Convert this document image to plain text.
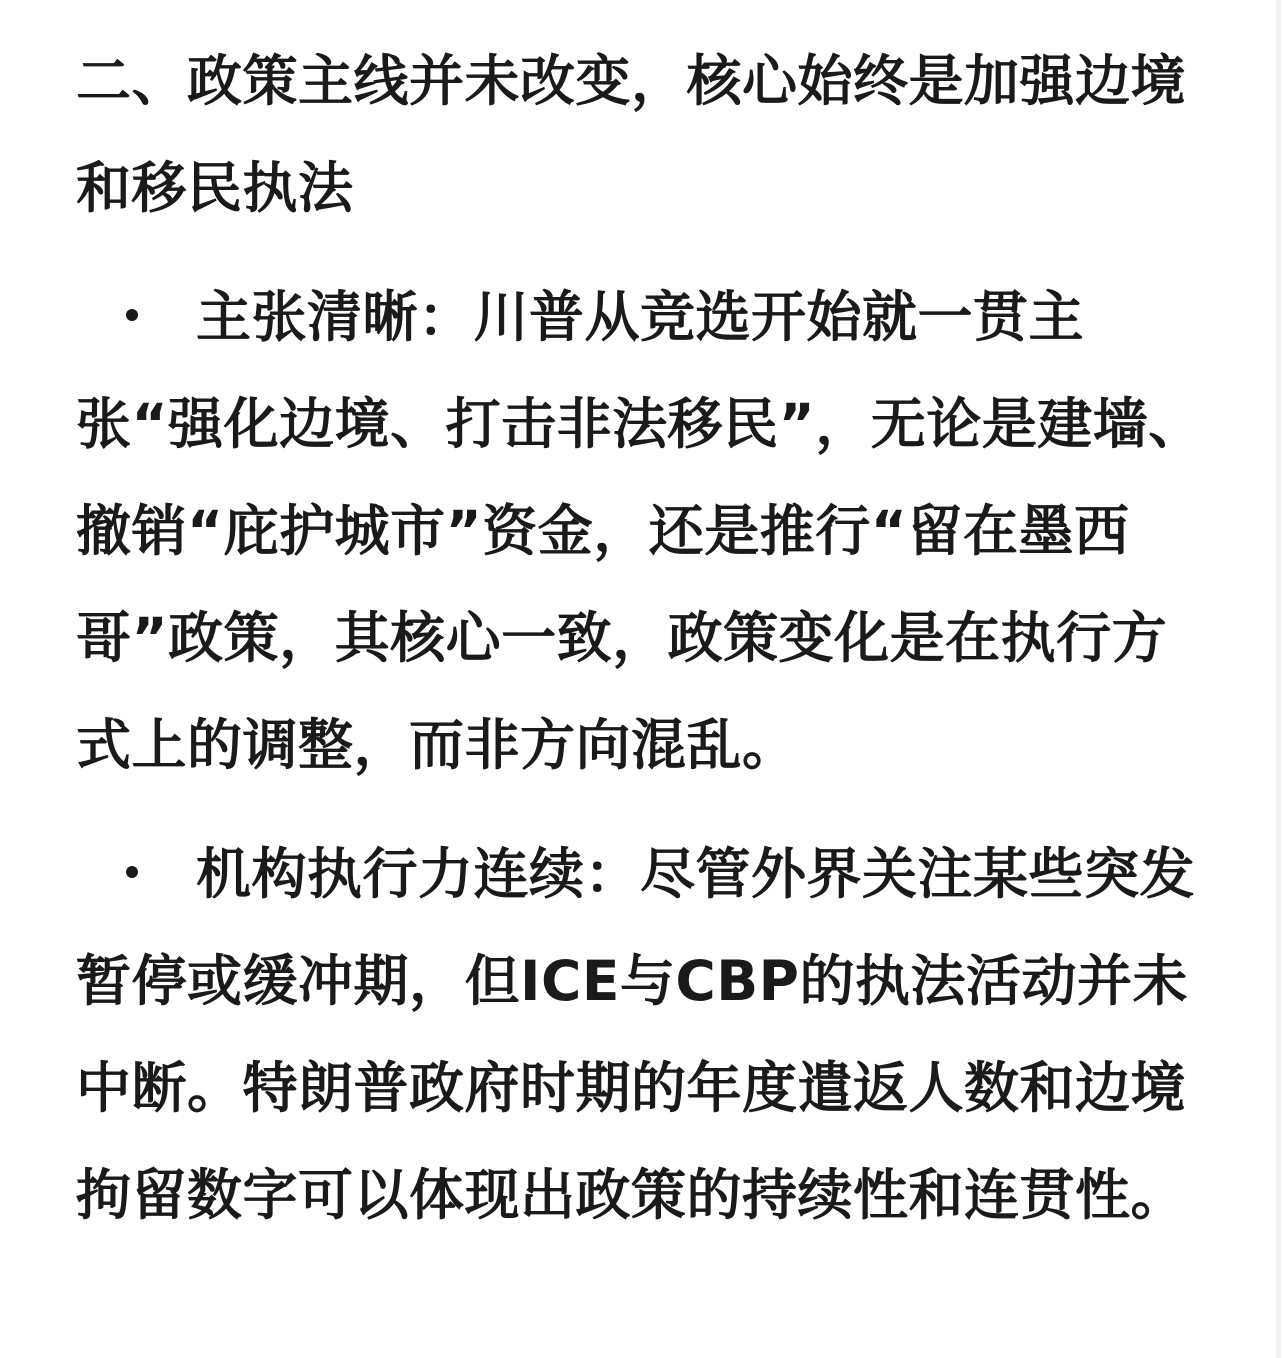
二、政策主线并未改变，核心始终是加强边境和移民执法
主张清晰：川普从竞选开始就一贯主张“强化边境、打击非法移民”，无论是建墙、撤销“庇护城市”资金，还是推行“留在墨西哥”政策，其核心一致，政策变化是在执行方式上的调整，而非方向混乱。
机构执行力连续：尽管外界关注某些突发暂停或缓冲期，但ICE与CBP的执法活动并未中断。特朗普政府时期的年度遣返人数和边境拘留数字可以体现出政策的持续性和连贯性。
